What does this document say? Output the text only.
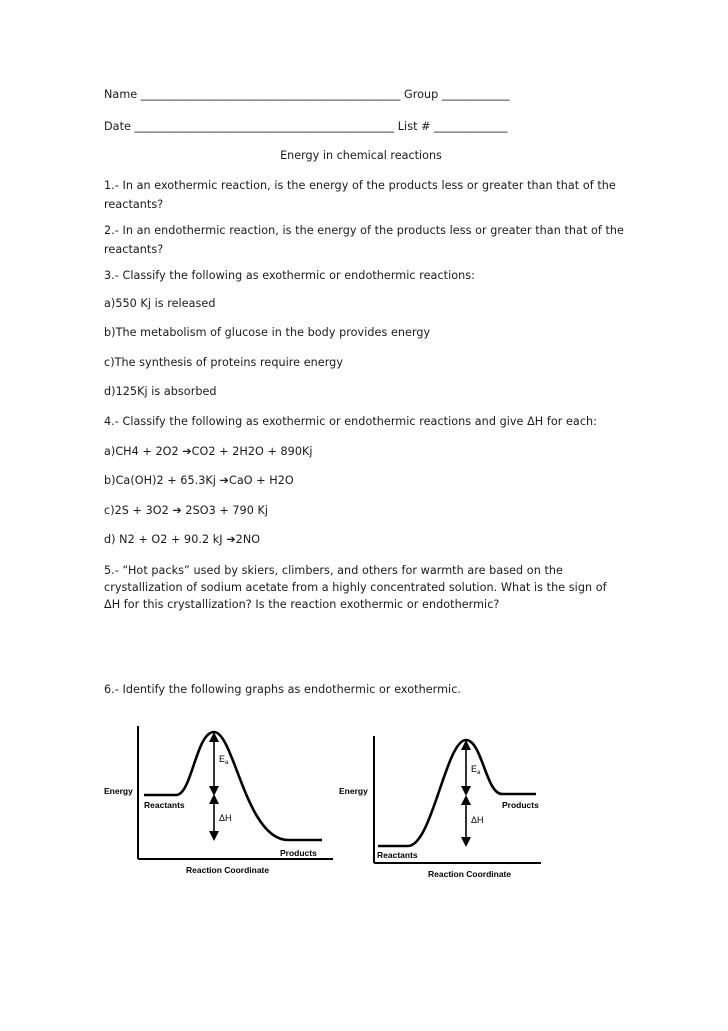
Name ______________________________________________ Group ____________
Date ______________________________________________ List # _____________
Energy in chemical reactions
1.- In an exothermic reaction, is the energy of the products less or greater than that of the reactants?
2.- In an endothermic reaction, is the energy of the products less or greater than that of the reactants?
3.- Classify the following as exothermic or endothermic reactions:
a)550 Kj is released
b)The metabolism of glucose in the body provides energy
c)The synthesis of proteins require energy
d)125Kj is absorbed
4.- Classify the following as exothermic or endothermic reactions and give ΔH for each:
a)CH4 + 2O2 ➔CO2 + 2H2O + 890Kj
b)Ca(OH)2 + 65.3Kj ➔CaO + H2O
c)2S + 3O2 ➔ 2SO3 + 790 Kj
d) N2 + O2 + 90.2 kJ ➔2NO
5.- “Hot packs” used by skiers, climbers, and others for warmth are based on the crystallization of sodium acetate from a highly concentrated solution. What is the sign of ΔH for this crystallization? Is the reaction exothermic or endothermic?
6.- Identify the following graphs as endothermic or exothermic.
Energy
Reactants
Products
Reaction Coordinate
$E_a$
ΔH
Energy
Reactants
Products
Reaction Coordinate
$E_a$
ΔH
